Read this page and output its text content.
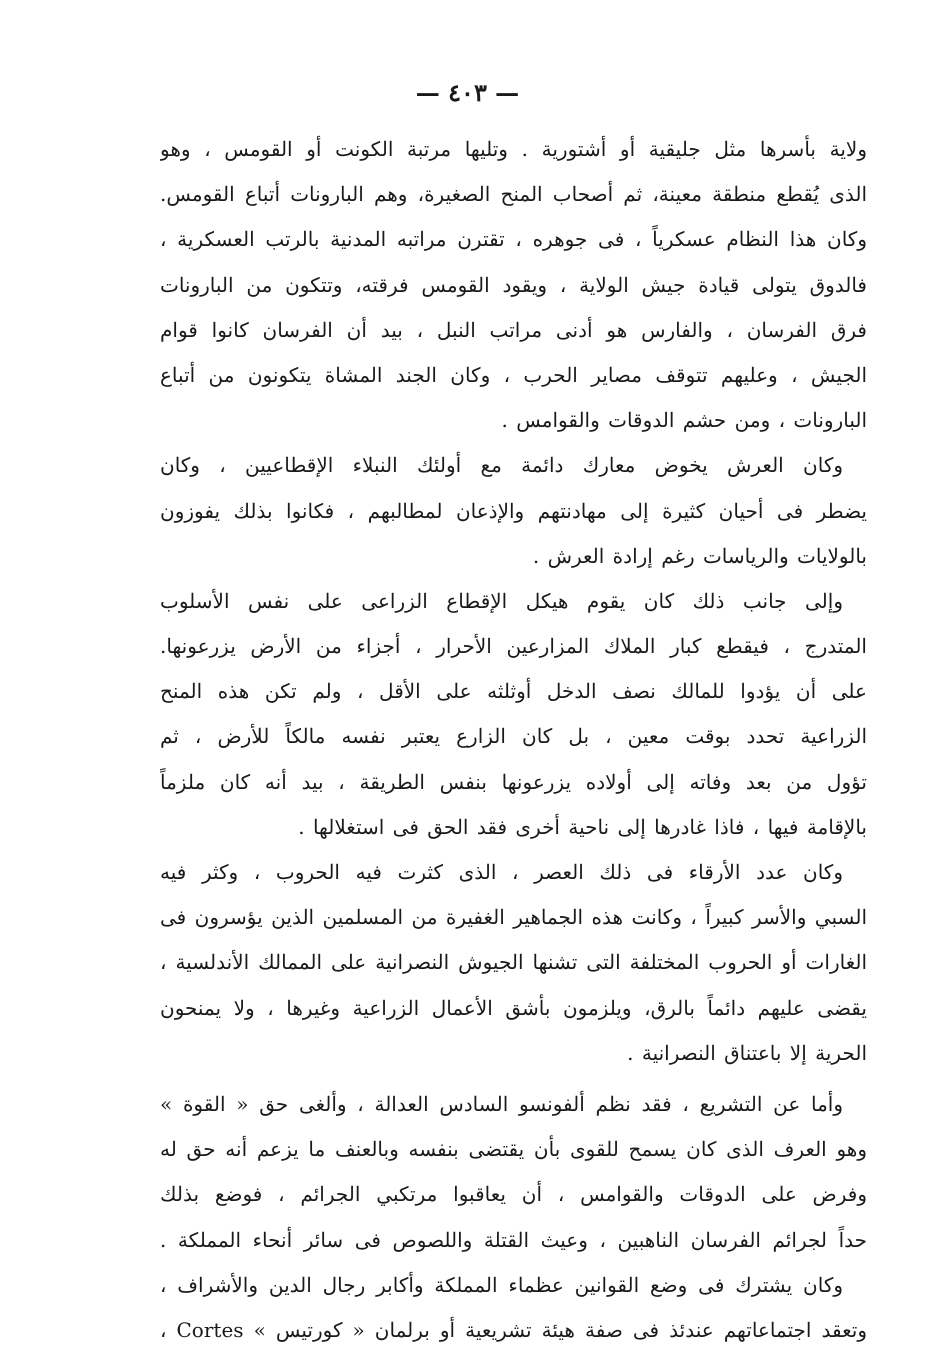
— ٤٠٣ —
ولاية بأسرها مثل جليقية أو أشتورية . وتليها مرتبة الكونت أو القومس ، وهو
الذى يُقطع منطقة معينة، ثم أصحاب المنح الصغيرة، وهم البارونات أتباع القومس.
وكان هذا النظام عسكرياً ، فى جوهره ، تقترن مراتبه المدنية بالرتب العسكرية ،
فالدوق يتولى قيادة جيش الولاية ، ويقود القومس فرقته، وتتكون من البارونات
فرق الفرسان ، والفارس هو أدنى مراتب النبل ، بيد أن الفرسان كانوا قوام
الجيش ، وعليهم تتوقف مصاير الحرب ، وكان الجند المشاة يتكونون من أتباع
البارونات ، ومن حشم الدوقات والقوامس .
وكان العرش يخوض معارك دائمة مع أولئك النبلاء الإقطاعيين ، وكان
يضطر فى أحيان كثيرة إلى مهادنتهم والإذعان لمطالبهم ، فكانوا بذلك يفوزون
بالولايات والرياسات رغم إرادة العرش .
وإلى جانب ذلك كان يقوم هيكل الإقطاع الزراعى على نفس الأسلوب
المتدرج ، فيقطع كبار الملاك المزارعين الأحرار ، أجزاء من الأرض يزرعونها.
على أن يؤدوا للمالك نصف الدخل أوثلثه على الأقل ، ولم تكن هذه المنح
الزراعية تحدد بوقت معين ، بل كان الزارع يعتبر نفسه مالكاً للأرض ، ثم
تؤول من بعد وفاته إلى أولاده يزرعونها بنفس الطريقة ، بيد أنه كان ملزماً
بالإقامة فيها ، فاذا غادرها إلى ناحية أخرى فقد الحق فى استغلالها .
وكان عدد الأرقاء فى ذلك العصر ، الذى كثرت فيه الحروب ، وكثر فيه
السبي والأسر كبيراً ، وكانت هذه الجماهير الغفيرة من المسلمين الذين يؤسرون فى
الغارات أو الحروب المختلفة التى تشنها الجيوش النصرانية على الممالك الأندلسية ،
يقضى عليهم دائماً بالرق، ويلزمون بأشق الأعمال الزراعية وغيرها ، ولا يمنحون
الحرية إلا باعتناق النصرانية .
وأما عن التشريع ، فقد نظم ألفونسو السادس العدالة ، وألغى حق « القوة »
وهو العرف الذى كان يسمح للقوى بأن يقتضى بنفسه وبالعنف ما يزعم أنه حق له
وفرض على الدوقات والقوامس ، أن يعاقبوا مرتكبي الجرائم ، فوضع بذلك
حداً لجرائم الفرسان الناهبين ، وعيث القتلة واللصوص فى سائر أنحاء المملكة .
وكان يشترك فى وضع القوانين عظماء المملكة وأكابر رجال الدين والأشراف ،
وتعقد اجتماعاتهم عندئذ فى صفة هيئة تشريعية أو برلمان « كورتيس » Cortes ،
